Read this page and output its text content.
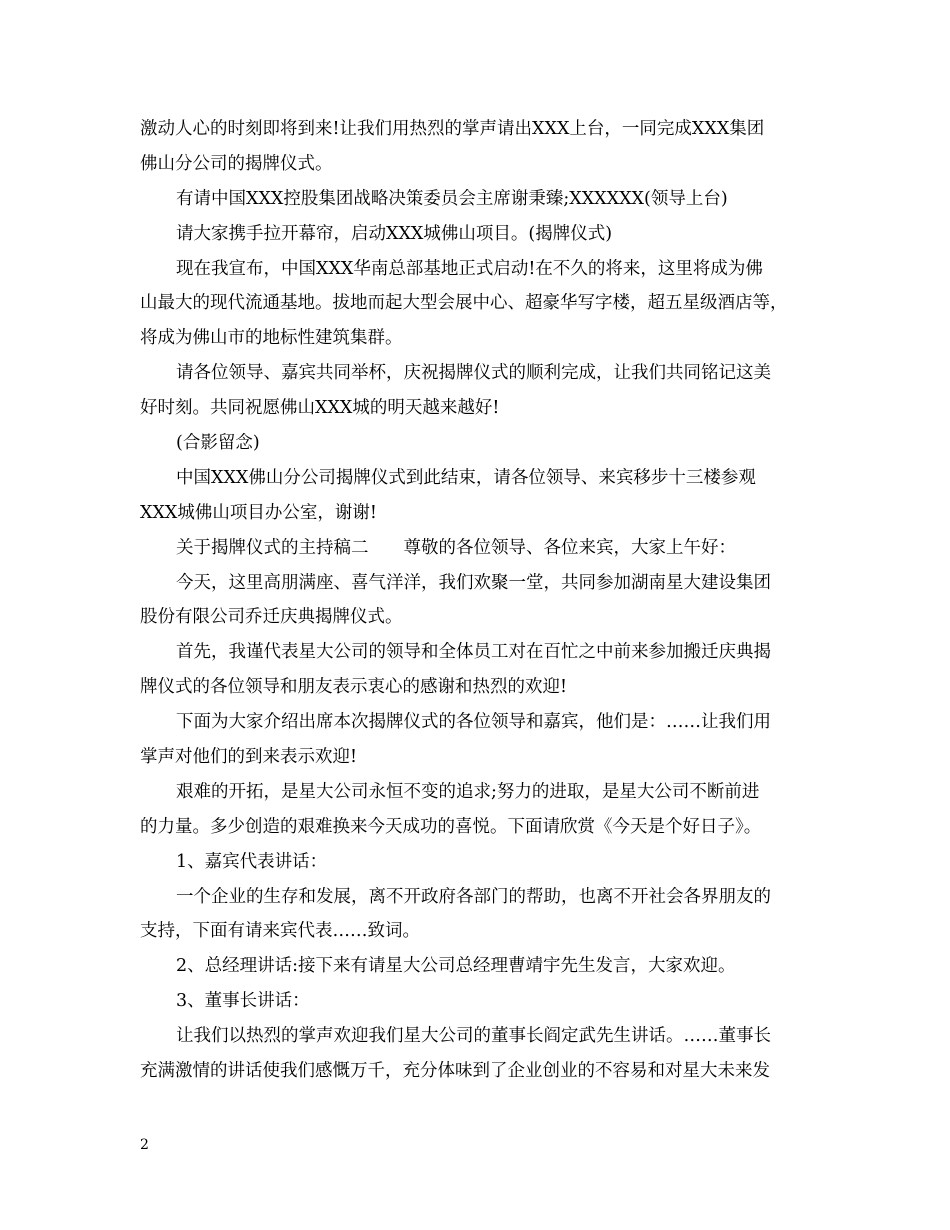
激动人心的时刻即将到来!让我们用热烈的掌声请出XXX上台，一同完成XXX集团
佛山分公司的揭牌仪式。
有请中国XXX控股集团战略决策委员会主席谢秉臻;XXXXXX(领导上台)
请大家携手拉开幕帘，启动XXX城佛山项目。(揭牌仪式)
现在我宣布，中国XXX华南总部基地正式启动!在不久的将来，这里将成为佛
山最大的现代流通基地。拔地而起大型会展中心、超豪华写字楼，超五星级酒店等，
将成为佛山市的地标性建筑集群。
请各位领导、嘉宾共同举杯，庆祝揭牌仪式的顺利完成，让我们共同铭记这美
好时刻。共同祝愿佛山XXX城的明天越来越好!
(合影留念)
中国XXX佛山分公司揭牌仪式到此结束，请各位领导、来宾移步十三楼参观
XXX城佛山项目办公室，谢谢!
关于揭牌仪式的主持稿二　　尊敬的各位领导、各位来宾，大家上午好：
今天，这里高朋满座、喜气洋洋，我们欢聚一堂，共同参加湖南星大建设集团
股份有限公司乔迁庆典揭牌仪式。
首先，我谨代表星大公司的领导和全体员工对在百忙之中前来参加搬迁庆典揭
牌仪式的各位领导和朋友表示衷心的感谢和热烈的欢迎!
下面为大家介绍出席本次揭牌仪式的各位领导和嘉宾，他们是：……让我们用
掌声对他们的到来表示欢迎!
艰难的开拓，是星大公司永恒不变的追求;努力的进取，是星大公司不断前进
的力量。多少创造的艰难换来今天成功的喜悦。下面请欣赏《今天是个好日子》。
1、嘉宾代表讲话：
一个企业的生存和发展，离不开政府各部门的帮助，也离不开社会各界朋友的
支持，下面有请来宾代表……致词。
2、总经理讲话:接下来有请星大公司总经理曹靖宇先生发言，大家欢迎。
3、董事长讲话：
让我们以热烈的掌声欢迎我们星大公司的董事长阎定武先生讲话。……董事长
充满激情的讲话使我们感慨万千，充分体味到了企业创业的不容易和对星大未来发
2
